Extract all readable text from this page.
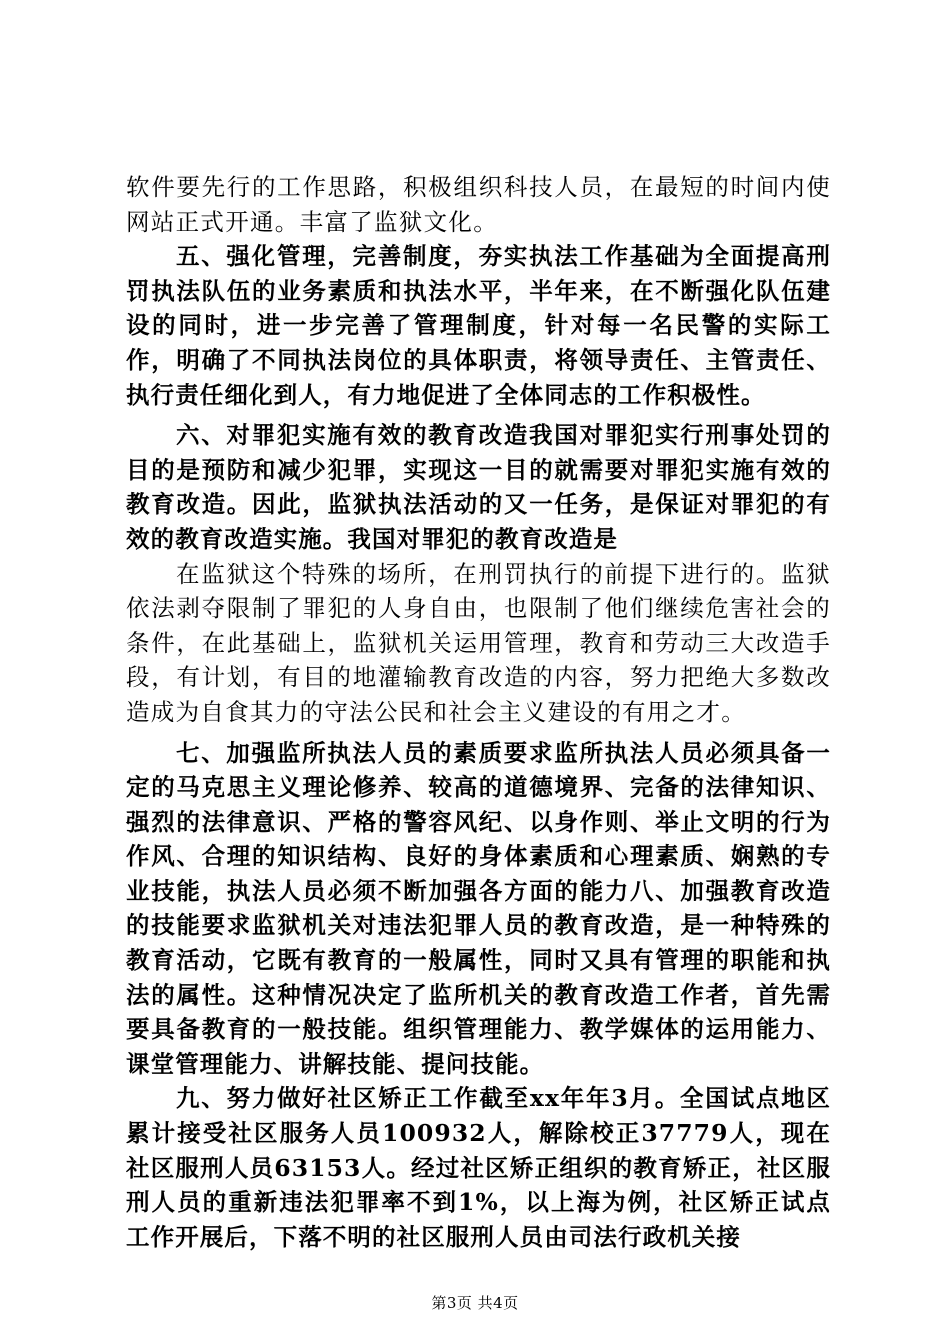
软件要先行的工作思路，积极组织科技人员，在最短的时间内使网站正式开通。丰富了监狱文化。

五、强化管理，完善制度，夯实执法工作基础为全面提高刑罚执法队伍的业务素质和执法水平，半年来，在不断强化队伍建设的同时，进一步完善了管理制度，针对每一名民警的实际工作，明确了不同执法岗位的具体职责，将领导责任、主管责任、执行责任细化到人，有力地促进了全体同志的工作积极性。

六、对罪犯实施有效的教育改造我国对罪犯实行刑事处罚的目的是预防和减少犯罪，实现这一目的就需要对罪犯实施有效的教育改造。因此，监狱执法活动的又一任务，是保证对罪犯的有效的教育改造实施。我国对罪犯的教育改造是

在监狱这个特殊的场所，在刑罚执行的前提下进行的。监狱依法剥夺限制了罪犯的人身自由，也限制了他们继续危害社会的条件，在此基础上，监狱机关运用管理，教育和劳动三大改造手段，有计划，有目的地灌输教育改造的内容，努力把绝大多数改造成为自食其力的守法公民和社会主义建设的有用之才。

七、加强监所执法人员的素质要求监所执法人员必须具备一定的马克思主义理论修养、较高的道德境界、完备的法律知识、强烈的法律意识、严格的警容风纪、以身作则、举止文明的行为作风、合理的知识结构、良好的身体素质和心理素质、娴熟的专业技能，执法人员必须不断加强各方面的能力八、加强教育改造的技能要求监狱机关对违法犯罪人员的教育改造，是一种特殊的教育活动，它既有教育的一般属性，同时又具有管理的职能和执法的属性。这种情况决定了监所机关的教育改造工作者，首先需要具备教育的一般技能。组织管理能力、教学媒体的运用能力、课堂管理能力、讲解技能、提问技能。

九、努力做好社区矫正工作截至xx年年3月。全国试点地区累计接受社区服务人员100932人，解除校正37779人，现在社区服刑人员63153人。经过社区矫正组织的教育矫正，社区服刑人员的重新违法犯罪率不到1%，以上海为例，社区矫正试点工作开展后，下落不明的社区服刑人员由司法行政机关接

第3页 共4页
